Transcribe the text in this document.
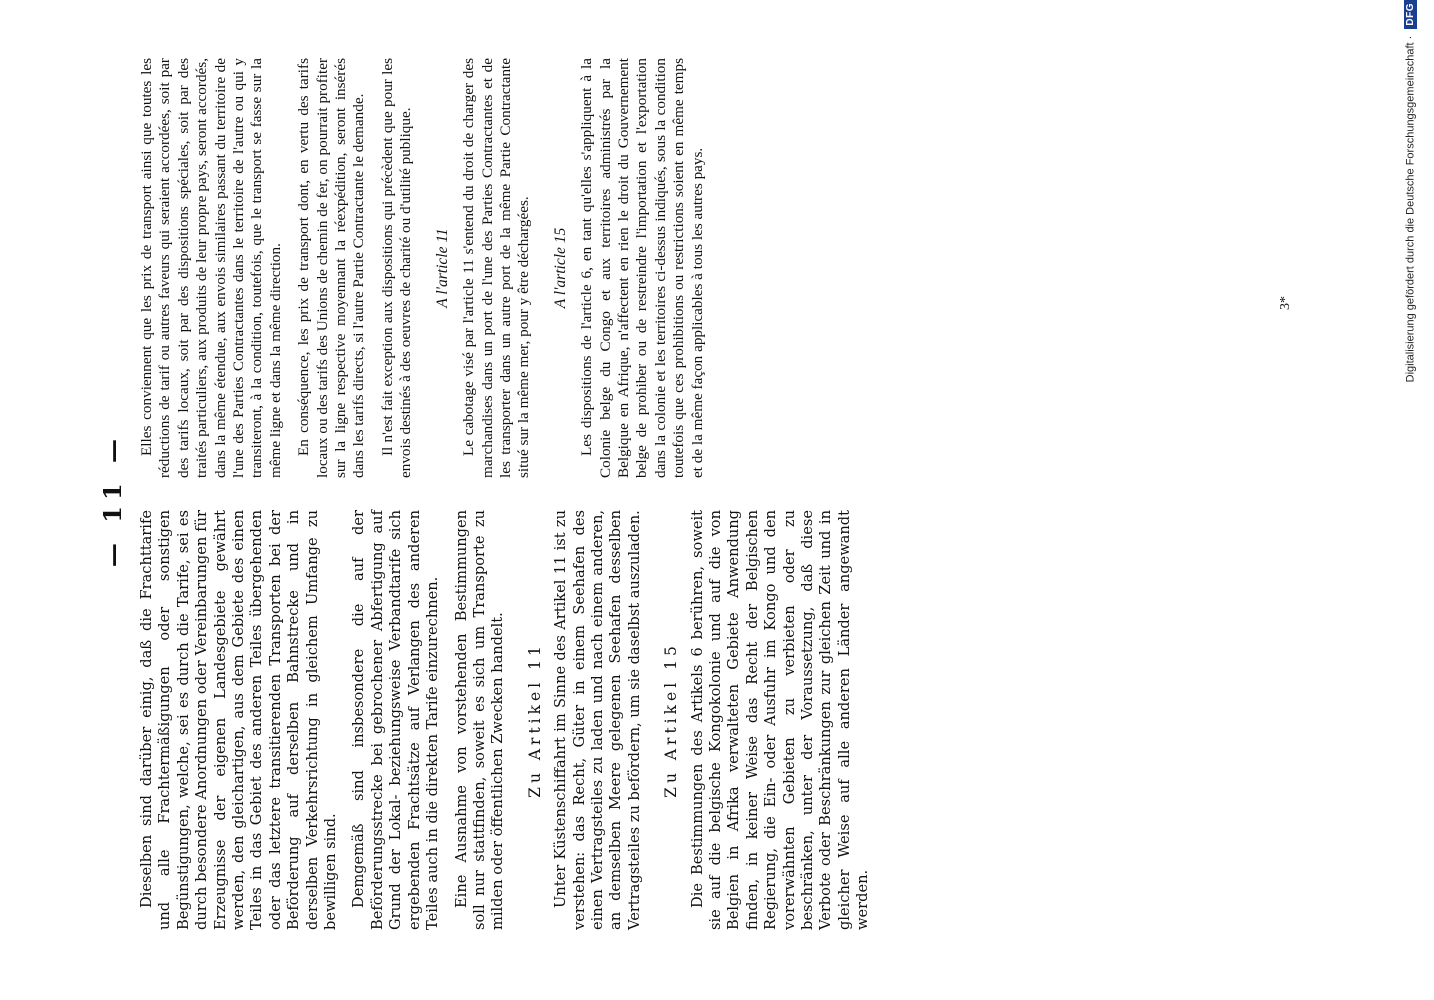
— 11 —

Dieselben sind darüber einig, daß die Frachttarife und alle Frachtermäßigungen oder sonstigen Begünstigungen, welche, sei es durch die Tarife, sei es durch besondere Anordnungen oder Vereinbarungen für Erzeugnisse der eigenen Landesgebiete gewährt werden, den gleichartigen, aus dem Gebiete des einen Teiles in das Gebiet des anderen Teiles übergehenden oder das letztere transitierenden Transporten bei der Beförderung auf derselben Bahnstrecke und in derselben Verkehrsrichtung in gleichem Umfange zu bewilligen sind. Demgemäß sind insbesondere die auf der Beförderungsstrecke bei gebrochener Abfertigung auf Grund der Lokal- beziehungsweise Verbandtarife sich ergebenden Frachtsätze auf Verlangen des anderen Teiles auch in die direkten Tarife einzurechnen. Eine Ausnahme von vorstehenden Bestimmungen soll nur stattfinden, soweit es sich um Transporte zu milden oder öffentlichen Zwecken handelt. Zu Artikel 11 Unter Küstenschiffahrt im Sinne des Artikel 11 ist zu verstehen: das Recht, Güter in einem Seehafen des einen Vertragsteiles zu laden und nach einem anderen, an demselben Meere gelegenen Seehafen desselben Vertragsteiles zu befördern, um sie daselbst auszuladen. Zu Artikel 15 Die Bestimmungen des Artikels 6 berühren, soweit sie auf die belgische Kongokolonie und auf die von Belgien in Afrika verwalteten Gebiete Anwendung finden, in keiner Weise das Recht der Belgischen Regierung, die Ein- oder Ausfuhr im Kongo und den vorerwähnten Gebieten zu verbieten oder zu beschränken, unter der Voraussetzung, daß diese Verbote oder Beschränkungen zur gleichen Zeit und in gleicher Weise auf alle anderen Länder angewandt werden.

Elles conviennent que les prix de transport ainsi que toutes les réductions de tarif ou autres faveurs qui seraient accordées, soit par des tarifs locaux, soit par des dispositions spéciales, soit par des traités particuliers, aux produits de leur propre pays, seront accordés, dans la même étendue, aux envois similaires passant du territoire de l'une des Parties Contractantes dans le territoire de l'autre ou qui y transiteront, à la condition, toutefois, que le transport se fasse sur la même ligne et dans la même direction. En conséquence, les prix de transport dont, en vertu des tarifs locaux ou des tarifs des Unions de chemin de fer, on pourrait profiter sur la ligne respective moyennant la réexpédition, seront insérés dans les tarifs directs, si l'autre Partie Contractante le demande. Il n'est fait exception aux dispositions qui précèdent que pour les envois destinés à des oeuvres de charité ou d'utilité publique. A l'article 11 Le cabotage visé par l'article 11 s'entend du droit de charger des marchandises dans un port de l'une des Parties Contractantes et de les transporter dans un autre port de la même Partie Contractante situé sur la même mer, pour y être déchargées. A l'article 15 Les dispositions de l'article 6, en tant qu'elles s'appliquent à la Colonie belge du Congo et aux territoires administrés par la Belgique en Afrique, n'affectent en rien le droit du Gouvernement belge de prohiber ou de restreindre l'importation et l'exportation dans la colonie et les territoires ci-dessus indiqués, sous la condition toutefois que ces prohibitions ou restrictions soient en même temps et de la même façon applicables à tous les autres pays.	3*	Digitalisierung gefördert durch die Deutsche Forschungsgemeinschaft · DFG
